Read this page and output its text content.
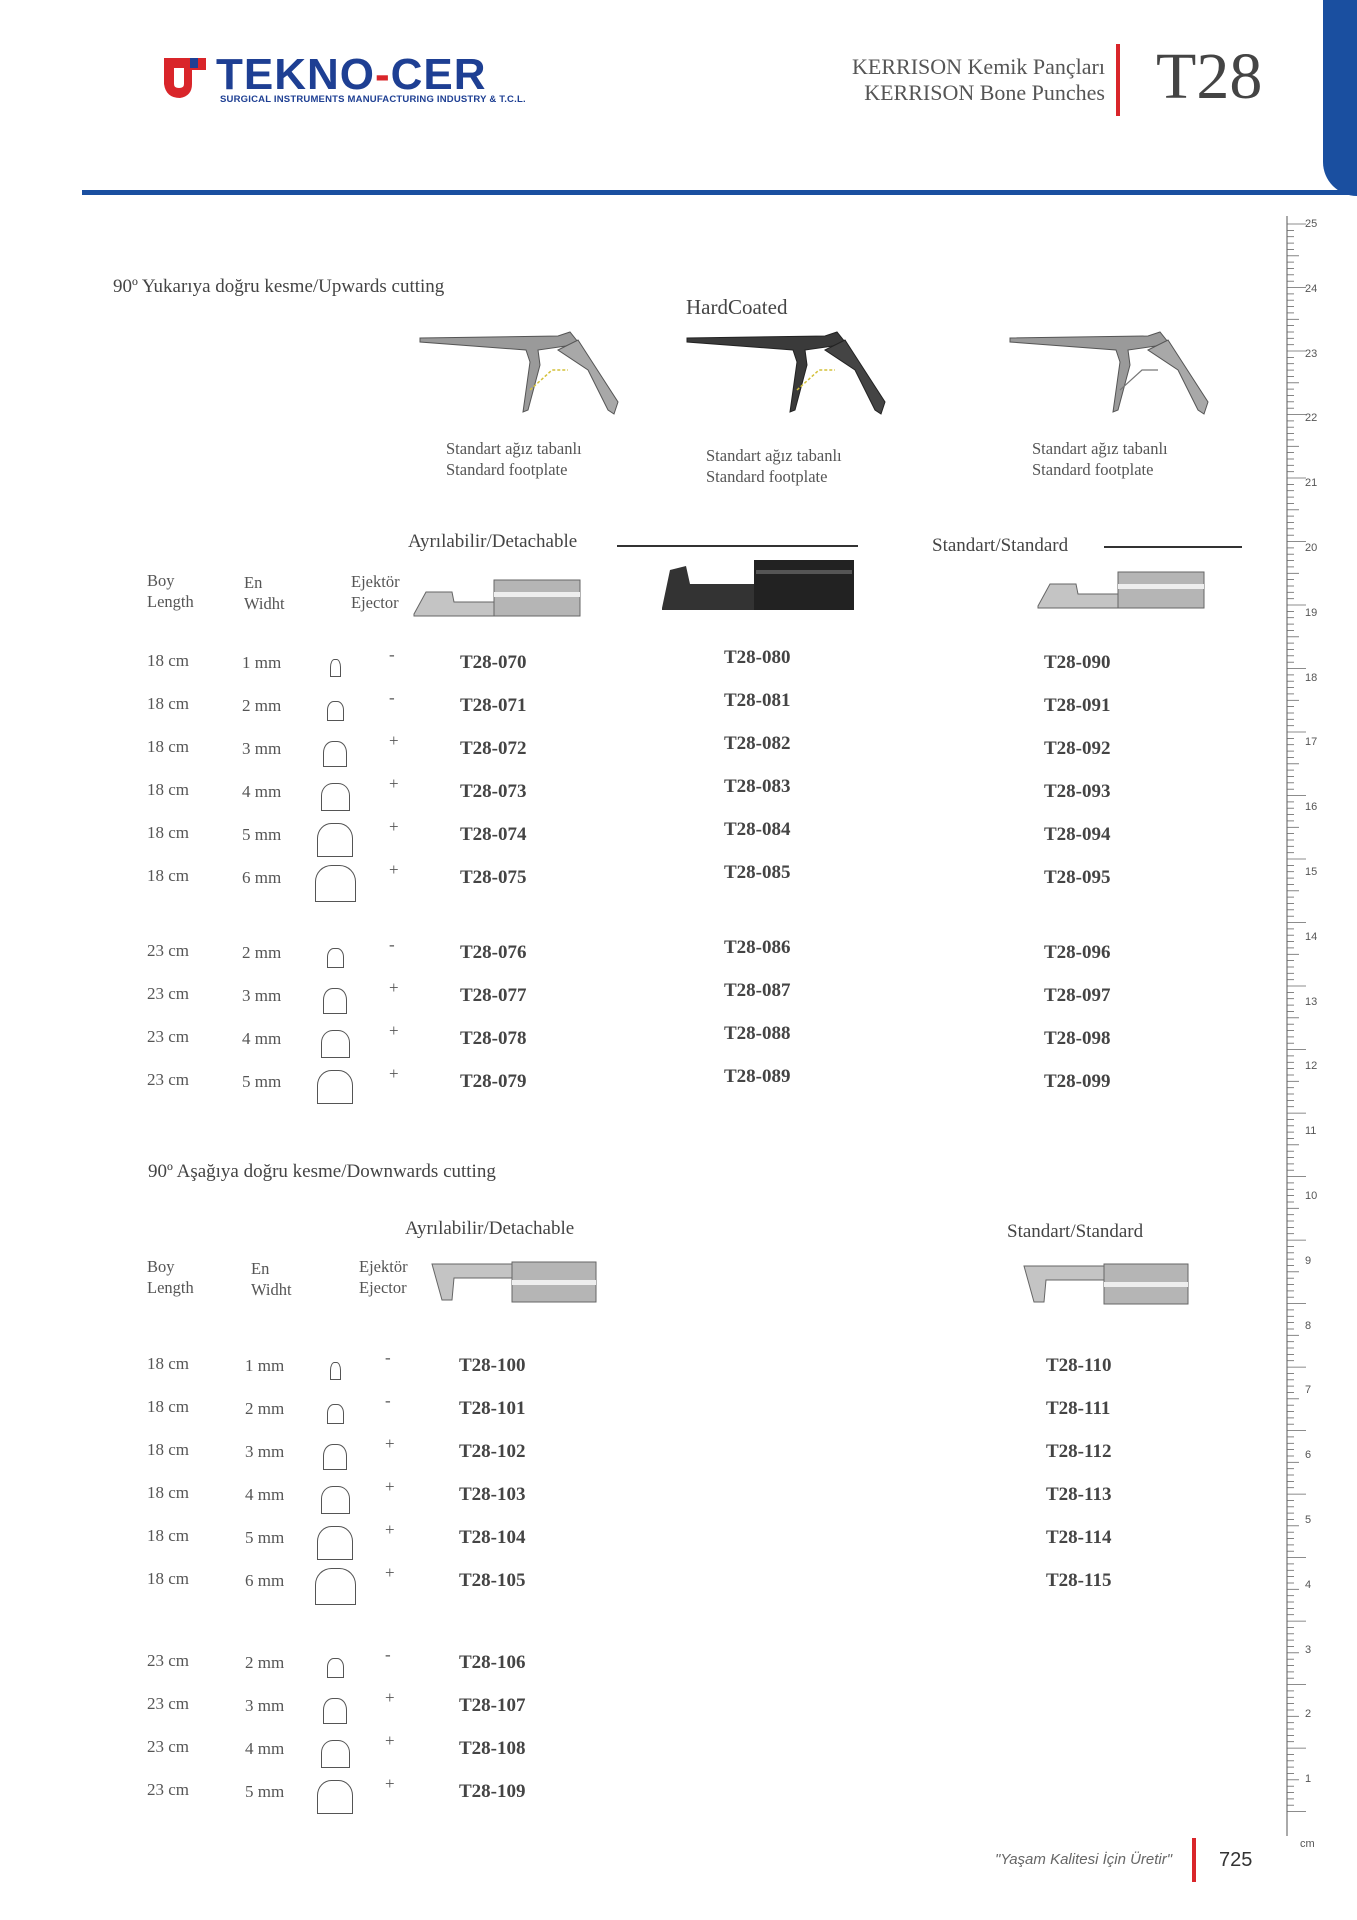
TEKNO-CER
SURGICAL INSTRUMENTS MANUFACTURING INDUSTRY & T.C.L.
KERRISON Kemik Pançları
KERRISON Bone Punches T28
25
24
23
22
21
20
19
18
17
16
15
14
13
12
11
10
9
8
7
6
5
4
3
2
1
cm
90º Yukarıya doğru kesme/Upwards cutting
HardCoated
Standart ağız tabanlı
Standard footplate
Standart ağız tabanlı
Standard footplate
Standart ağız tabanlı
Standard footplate
Ayrılabilir/Detachable	Standart/Standard
Boy
Length
En
Widht
Ejektör
Ejector
18 cm	1 mm	-	T28-070	T28-080	T28-090
18 cm	2 mm	-	T28-071	T28-081	T28-091
18 cm	3 mm	+	T28-072	T28-082	T28-092
18 cm	4 mm	+	T28-073	T28-083	T28-093
18 cm	5 mm	+	T28-074	T28-084	T28-094
18 cm	6 mm	+	T28-075	T28-085	T28-095
23 cm	2 mm	-	T28-076	T28-086	T28-096
23 cm	3 mm	+	T28-077	T28-087	T28-097
23 cm	4 mm	+	T28-078	T28-088	T28-098
23 cm	5 mm	+	T28-079	T28-089	T28-099
90º Aşağıya doğru kesme/Downwards cutting
Ayrılabilir/Detachable	Standart/Standard
Boy
Length
En
Widht
Ejektör
Ejector
18 cm	1 mm	-	T28-100	T28-110
18 cm	2 mm	-	T28-101	T28-111
18 cm	3 mm	+	T28-102	T28-112
18 cm	4 mm	+	T28-103	T28-113
18 cm	5 mm	+	T28-104	T28-114
18 cm	6 mm	+	T28-105	T28-115
23 cm	2 mm	-	T28-106
23 cm	3 mm	+	T28-107
23 cm	4 mm	+	T28-108
23 cm	5 mm	+	T28-109
"Yaşam Kalitesi İçin Üretir" 725
